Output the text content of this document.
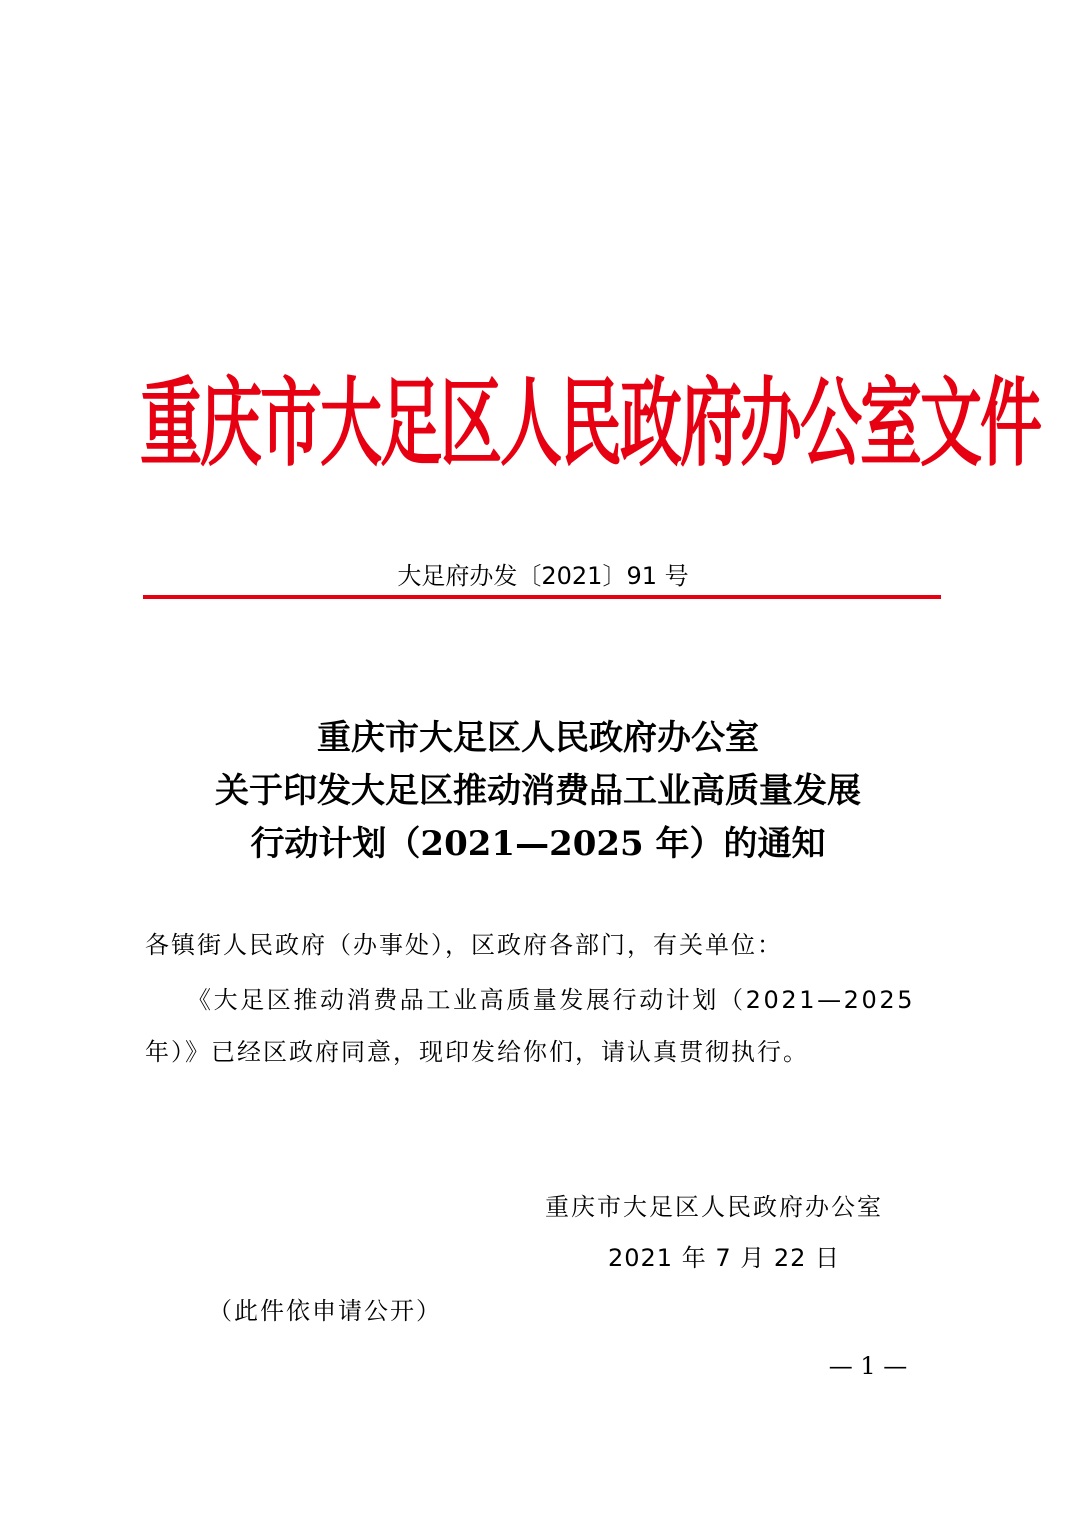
重庆市大足区人民政府办公室文件
大足府办发〔2021〕91 号
重庆市大足区人民政府办公室
关于印发大足区推动消费品工业高质量发展
行动计划（2021—2025 年）的通知
各镇街人民政府（办事处），区政府各部门，有关单位：
《大足区推动消费品工业高质量发展行动计划（2021—2025
年）》已经区政府同意，现印发给你们，请认真贯彻执行。
重庆市大足区人民政府办公室
2021 年 7 月 22 日
（此件依申请公开）
— 1 —
